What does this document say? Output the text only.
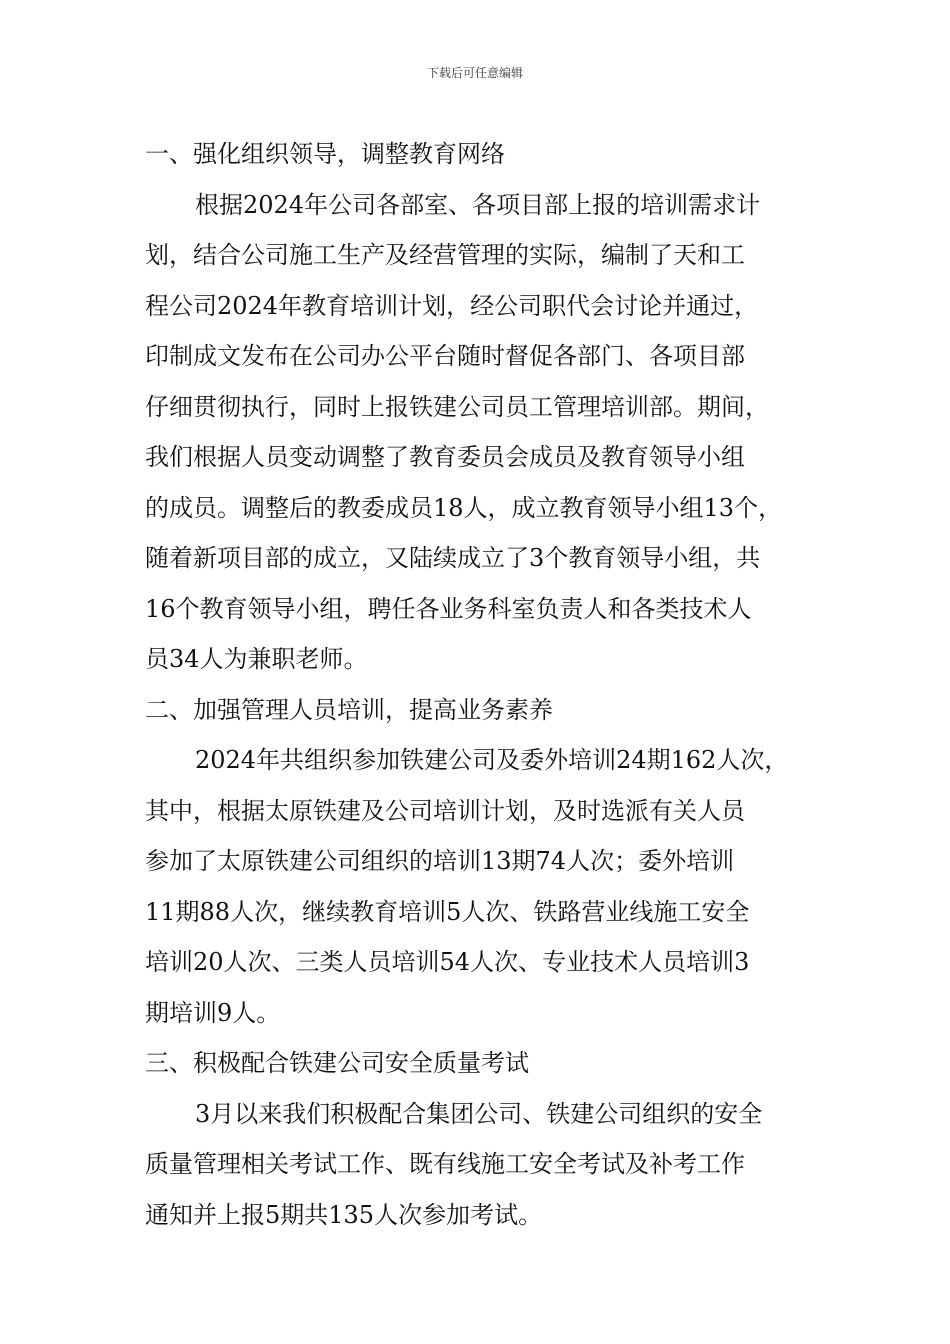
下载后可任意编辑
一、强化组织领导，调整教育网络
根据2024年公司各部室、各项目部上报的培训需求计
划，结合公司施工生产及经营管理的实际，编制了天和工
程公司2024年教育培训计划，经公司职代会讨论并通过，
印制成文发布在公司办公平台随时督促各部门、各项目部
仔细贯彻执行，同时上报铁建公司员工管理培训部。期间，
我们根据人员变动调整了教育委员会成员及教育领导小组
的成员。调整后的教委成员18人，成立教育领导小组13个，
随着新项目部的成立，又陆续成立了3个教育领导小组，共
16个教育领导小组，聘任各业务科室负责人和各类技术人
员34人为兼职老师。
二、加强管理人员培训，提高业务素养
2024年共组织参加铁建公司及委外培训24期162人次，
其中，根据太原铁建及公司培训计划，及时选派有关人员
参加了太原铁建公司组织的培训13期74人次；委外培训
11期88人次，继续教育培训5人次、铁路营业线施工安全
培训20人次、三类人员培训54人次、专业技术人员培训3
期培训9人。
三、积极配合铁建公司安全质量考试
3月以来我们积极配合集团公司、铁建公司组织的安全
质量管理相关考试工作、既有线施工安全考试及补考工作
通知并上报5期共135人次参加考试。
